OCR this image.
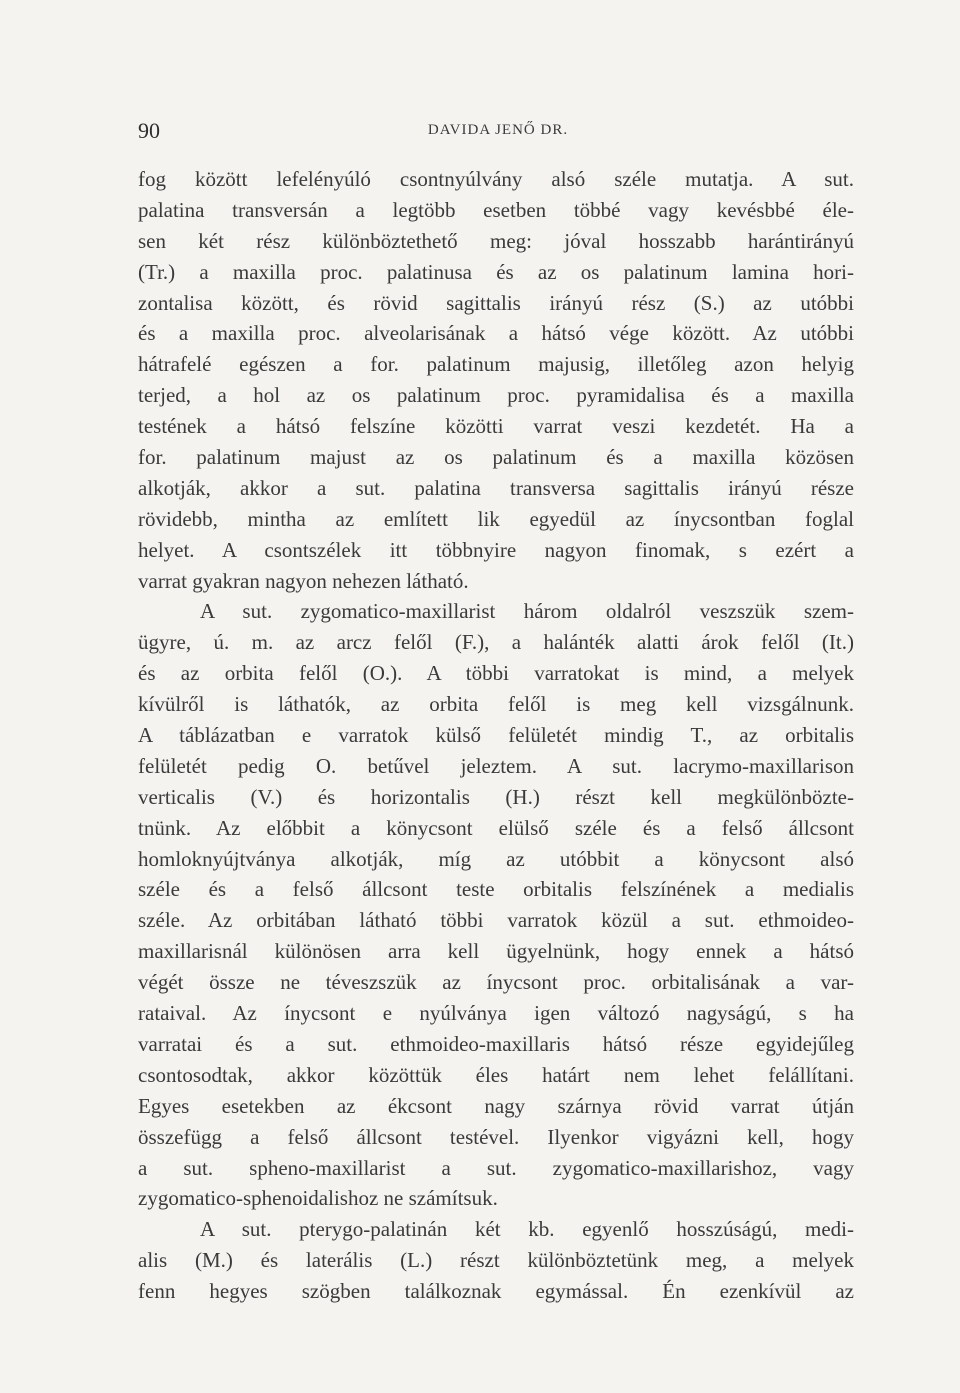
90	DAVIDA JENŐ DR.
fog között lefelényúló csontnyúlvány alsó széle mutatja. A sut.
palatina transversán a legtöbb esetben többé vagy kevésbbé éle-
sen két rész különböztethető meg: jóval hosszabb harántirányú
(Tr.) a maxilla proc. palatinusa és az os palatinum lamina hori-
zontalisa között, és rövid sagittalis irányú rész (S.) az utóbbi
és a maxilla proc. alveolarisának a hátsó vége között. Az utóbbi
hátrafelé egészen a for. palatinum majusig, illetőleg azon helyig
terjed, a hol az os palatinum proc. pyramidalisa és a maxilla
testének a hátsó felszíne közötti varrat veszi kezdetét. Ha a
for. palatinum majust az os palatinum és a maxilla közösen
alkotják, akkor a sut. palatina transversa sagittalis irányú része
rövidebb, mintha az említett lik egyedül az ínycsontban foglal
helyet. A csontszélek itt többnyire nagyon finomak, s ezért a
varrat gyakran nagyon nehezen látható.
A sut. zygomatico-maxillarist három oldalról veszszük szem-
ügyre, ú. m. az arcz felől (F.), a halánték alatti árok felől (It.)
és az orbita felől (O.). A többi varratokat is mind, a melyek
kívülről is láthatók, az orbita felől is meg kell vizsgálnunk.
A táblázatban e varratok külső felületét mindig T., az orbitalis
felületét pedig O. betűvel jeleztem. A sut. lacrymo-maxillarison
verticalis (V.) és horizontalis (H.) részt kell megkülönbözte-
tnünk. Az előbbit a könycsont elülső széle és a felső állcsont
homloknyújtványa alkotják, míg az utóbbit a könycsont alsó
széle és a felső állcsont teste orbitalis felszínének a medialis
széle. Az orbitában látható többi varratok közül a sut. ethmoideo-
maxillarisnál különösen arra kell ügyelnünk, hogy ennek a hátsó
végét össze ne téveszszük az ínycsont proc. orbitalisának a var-
rataival. Az ínycsont e nyúlványa igen változó nagyságú, s ha
varratai és a sut. ethmoideo-maxillaris hátsó része egyidejűleg
csontosodtak, akkor közöttük éles határt nem lehet felállítani.
Egyes esetekben az ékcsont nagy szárnya rövid varrat útján
összefügg a felső állcsont testével. Ilyenkor vigyázni kell, hogy
a sut. spheno-maxillarist a sut. zygomatico-maxillarishoz, vagy
zygomatico-sphenoidalishoz ne számítsuk.
A sut. pterygo-palatinán két kb. egyenlő hosszúságú, medi-
alis (M.) és laterális (L.) részt különböztetünk meg, a melyek
fenn hegyes szögben találkoznak egymással. Én ezenkívül az
